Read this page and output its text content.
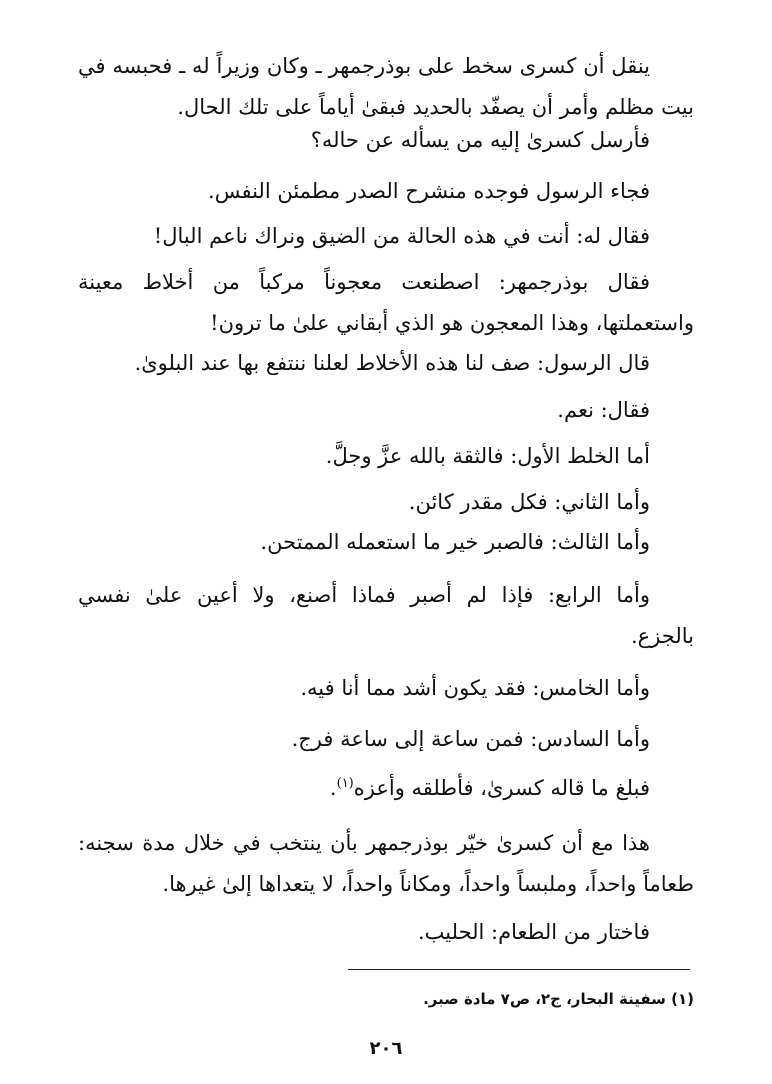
ينقل أن كسرى سخط على بوذرجمهر ـ وكان وزيراً له ـ فحبسه في
بيت مظلم وأمر أن يصفّد بالحديد فبقىٰ أياماً على تلك الحال.
فأرسل كسرىٰ إليه من يسأله عن حاله؟
فجاء الرسول فوجده منشرح الصدر مطمئن النفس.
فقال له: أنت في هذه الحالة من الضيق ونراك ناعم البال!
فقال بوذرجمهر: اصطنعت معجوناً مركباً من أخلاط معينة
واستعملتها، وهذا المعجون هو الذي أبقاني علىٰ ما ترون!
قال الرسول: صف لنا هذه الأخلاط لعلنا ننتفع بها عند البلوىٰ.
فقال: نعم.
أما الخلط الأول: فالثقة بالله عزَّ وجلَّ.
وأما الثاني: فكل مقدر كائن.
وأما الثالث: فالصبر خير ما استعمله الممتحن.
وأما الرابع: فإذا لم أصبر فماذا أصنع، ولا أعين علىٰ نفسي
بالجزع.
وأما الخامس: فقد يكون أشد مما أنا فيه.
وأما السادس: فمن ساعة إلى ساعة فرج.
فبلغ ما قاله كسرىٰ، فأطلقه وأعزه$^{(١)}$.
هذا مع أن كسرىٰ خيّر بوذرجمهر بأن ينتخب في خلال مدة سجنه:
طعاماً واحداً، وملبساً واحداً، ومكاناً واحداً، لا يتعداها إلىٰ غيرها.
فاختار من الطعام: الحليب.
(١) سفينة البحار، ج٢، ص٧ مادة صبر.
٢٠٦
